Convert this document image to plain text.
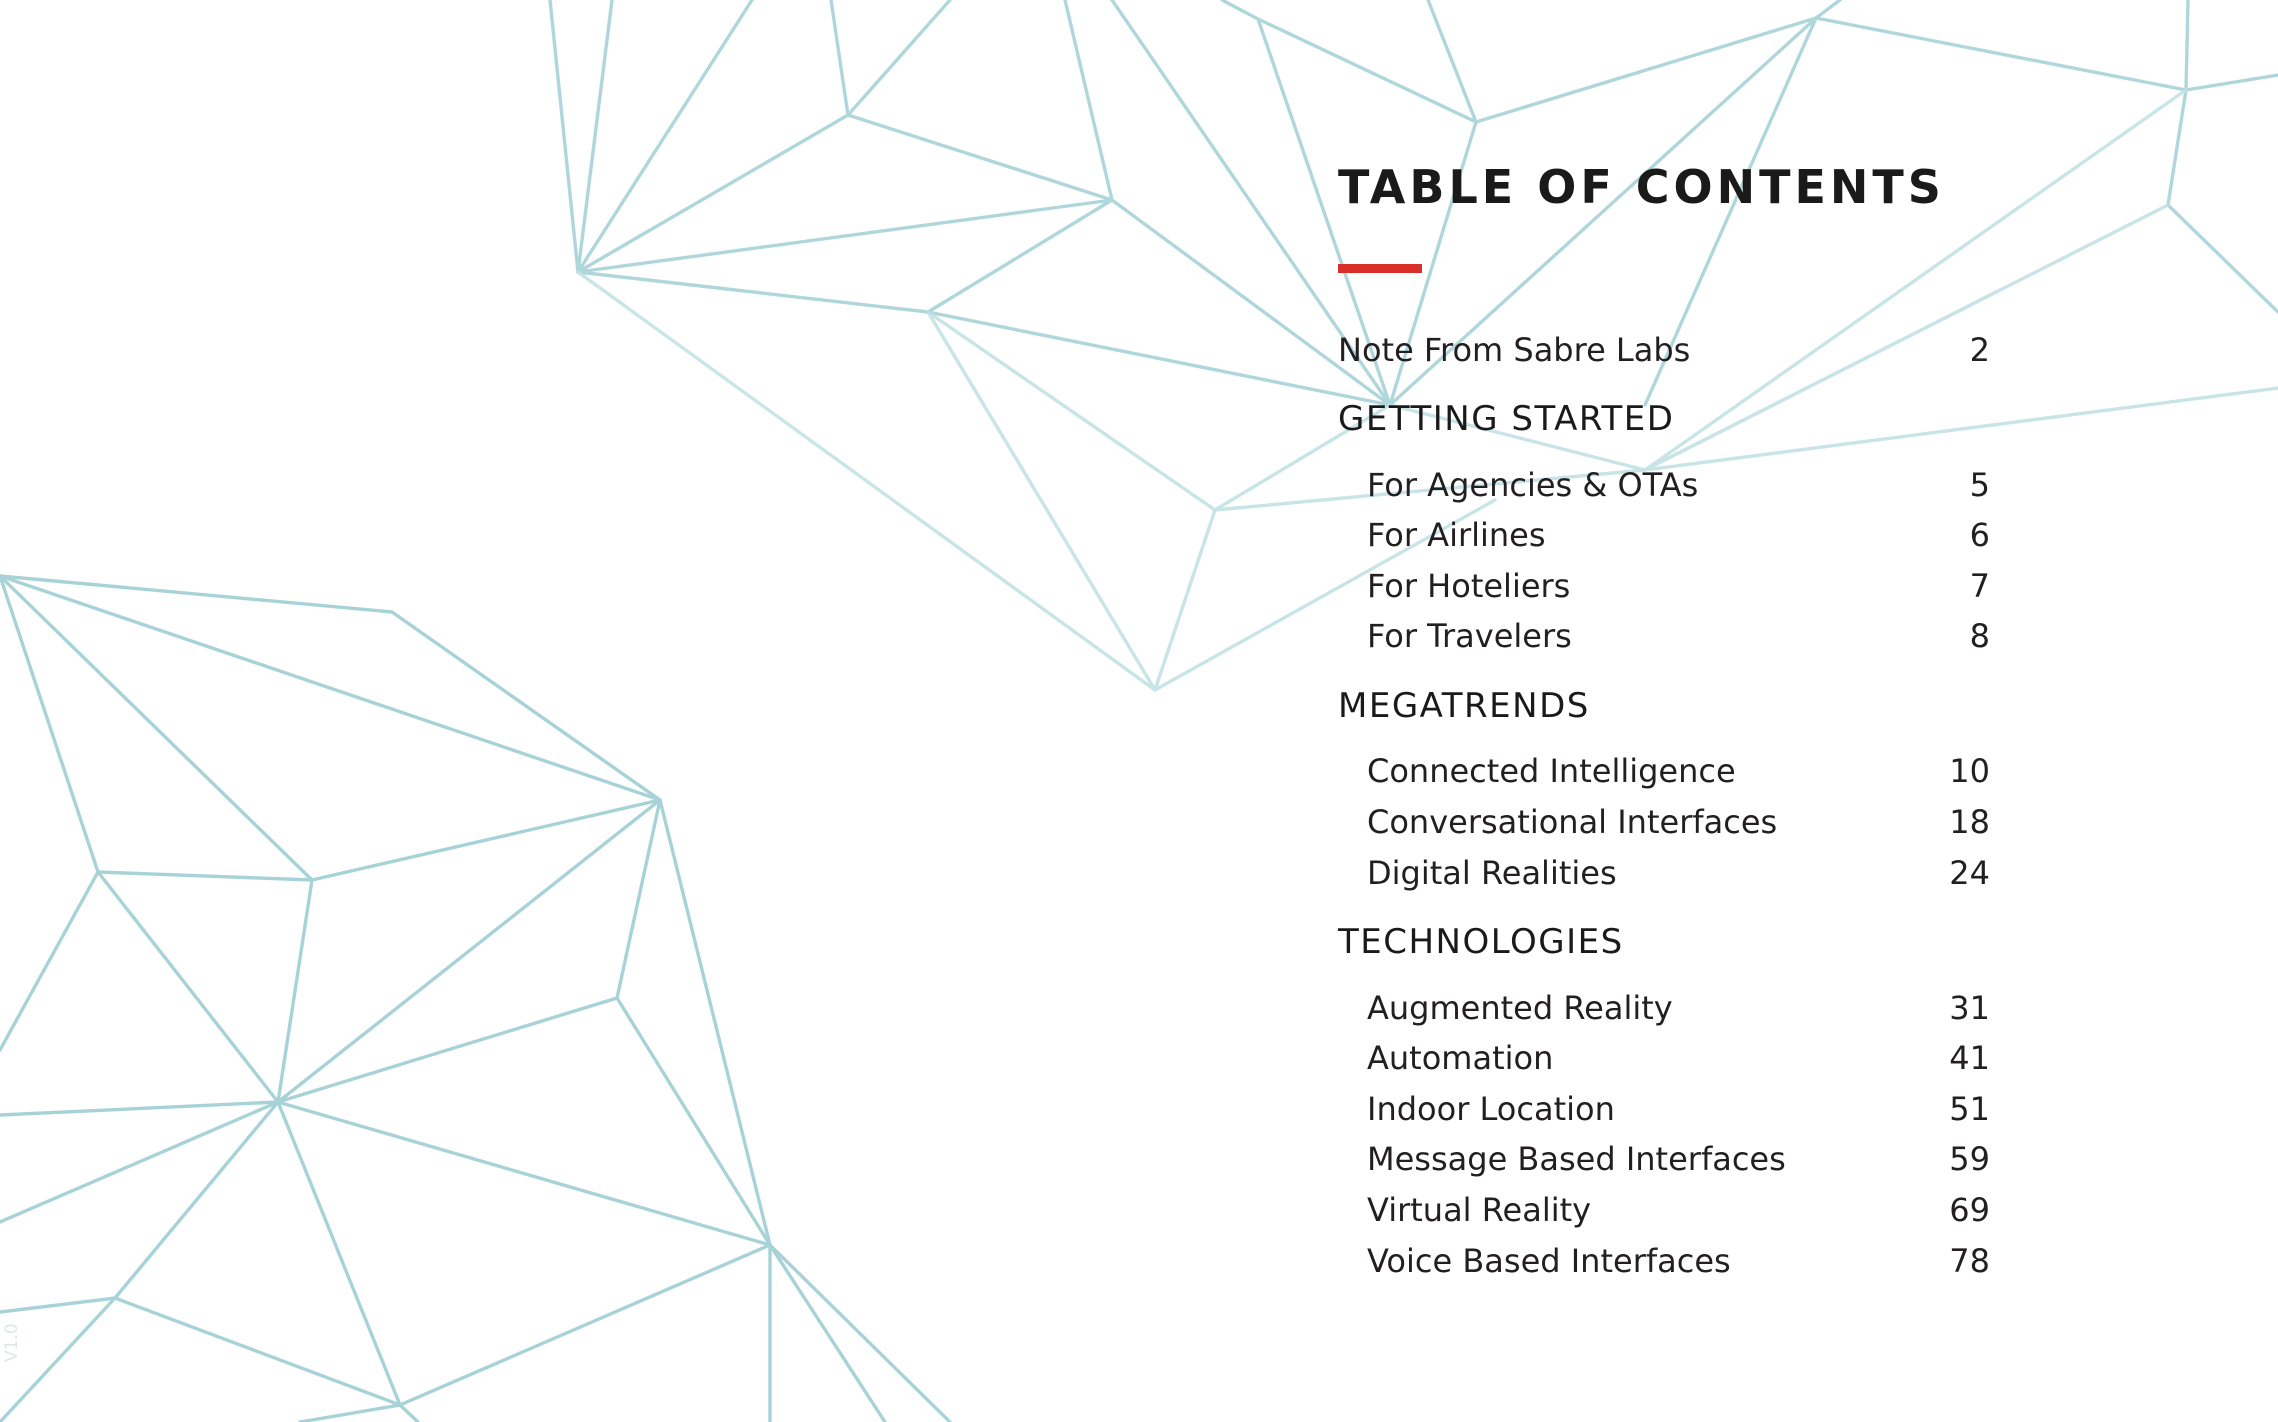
V1.0
TABLE OF CONTENTS
Note From Sabre Labs	2
GETTING STARTED
For Agencies & OTAs	5
For Airlines	6
For Hoteliers	7
For Travelers	8
MEGATRENDS
Connected Intelligence	10
Conversational Interfaces	18
Digital Realities	24
TECHNOLOGIES
Augmented Reality	31
Automation	41
Indoor Location	51
Message Based Interfaces	59
Virtual Reality	69
Voice Based Interfaces	78
